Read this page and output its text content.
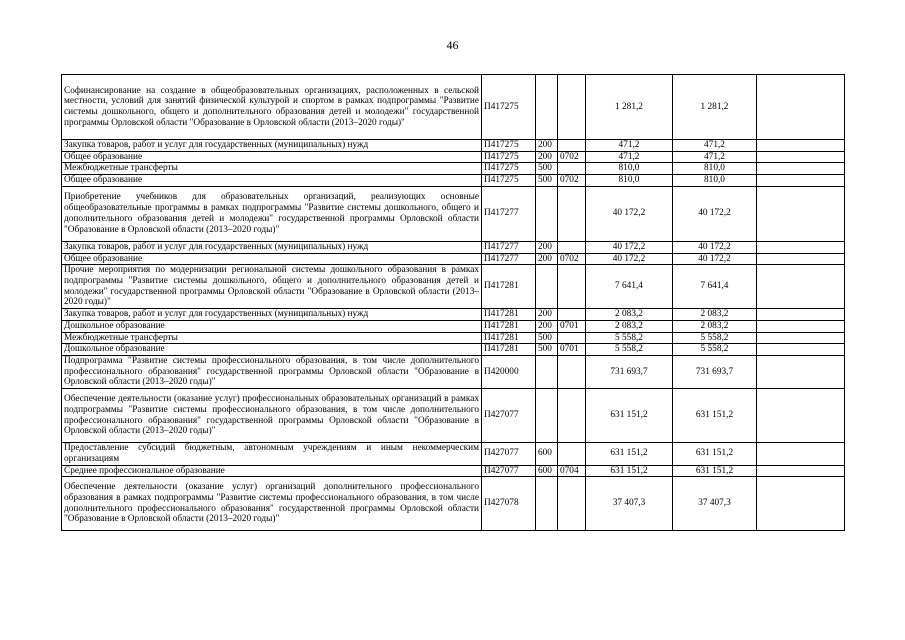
46
Софинансирование на создание в общеобразовательных организациях, расположенных в сельской местности, условий для занятий физической культурой и спортом в рамках подпрограммы "Развитие системы дошкольного, общего и дополнительного образования детей и молодежи" государственной программы Орловской области "Образование в Орловской области (2013–2020 годы)"	П417275			1 281,2	1 281,2	
Закупка товаров, работ и услуг для государственных (муниципальных) нужд	П417275	200		471,2	471,2	
Общее образование	П417275	200	0702	471,2	471,2	
Межбюджетные трансферты	П417275	500		810,0	810,0	
Общее образование	П417275	500	0702	810,0	810,0	
Приобретение учебников для образовательных организаций, реализующих основные общеобразовательные программы в рамках подпрограммы "Развитие системы дошкольного, общего и дополнительного образования детей и молодежи" государственной программы Орловской области "Образование в Орловской области (2013–2020 годы)"	П417277			40 172,2	40 172,2	
Закупка товаров, работ и услуг для государственных (муниципальных) нужд	П417277	200		40 172,2	40 172,2	
Общее образование	П417277	200	0702	40 172,2	40 172,2	
Прочие мероприятия по модернизации региональной системы дошкольного образования в рамках подпрограммы "Развитие системы дошкольного, общего и дополнительного образования детей и молодежи" государственной программы Орловской области "Образование в Орловской области (2013–2020 годы)"	П417281			7 641,4	7 641,4	
Закупка товаров, работ и услуг для государственных (муниципальных) нужд	П417281	200		2 083,2	2 083,2	
Дошкольное образование	П417281	200	0701	2 083,2	2 083,2	
Межбюджетные трансферты	П417281	500		5 558,2	5 558,2	
Дошкольное образование	П417281	500	0701	5 558,2	5 558,2	
Подпрограмма "Развитие системы профессионального образования, в том числе дополнительного профессионального образования" государственной программы Орловской области "Образование в Орловской области (2013–2020 годы)"	П420000			731 693,7	731 693,7	
Обеспечение деятельности (оказание услуг) профессиональных образовательных организаций в рамках подпрограммы "Развитие системы профессионального образования, в том числе дополнительного профессионального образования" государственной программы Орловской области "Образование в Орловской области (2013–2020 годы)"	П427077			631 151,2	631 151,2	
Предоставление субсидий бюджетным, автономным учреждениям и иным некоммерческим организациям	П427077	600		631 151,2	631 151,2	
Среднее профессиональное образование	П427077	600	0704	631 151,2	631 151,2	
Обеспечение деятельности (оказание услуг) организаций дополнительного профессионального образования в рамках подпрограммы "Развитие системы профессионального образования, в том числе дополнительного профессионального образования" государственной программы Орловской области "Образование в Орловской области (2013–2020 годы)"	П427078			37 407,3	37 407,3	
